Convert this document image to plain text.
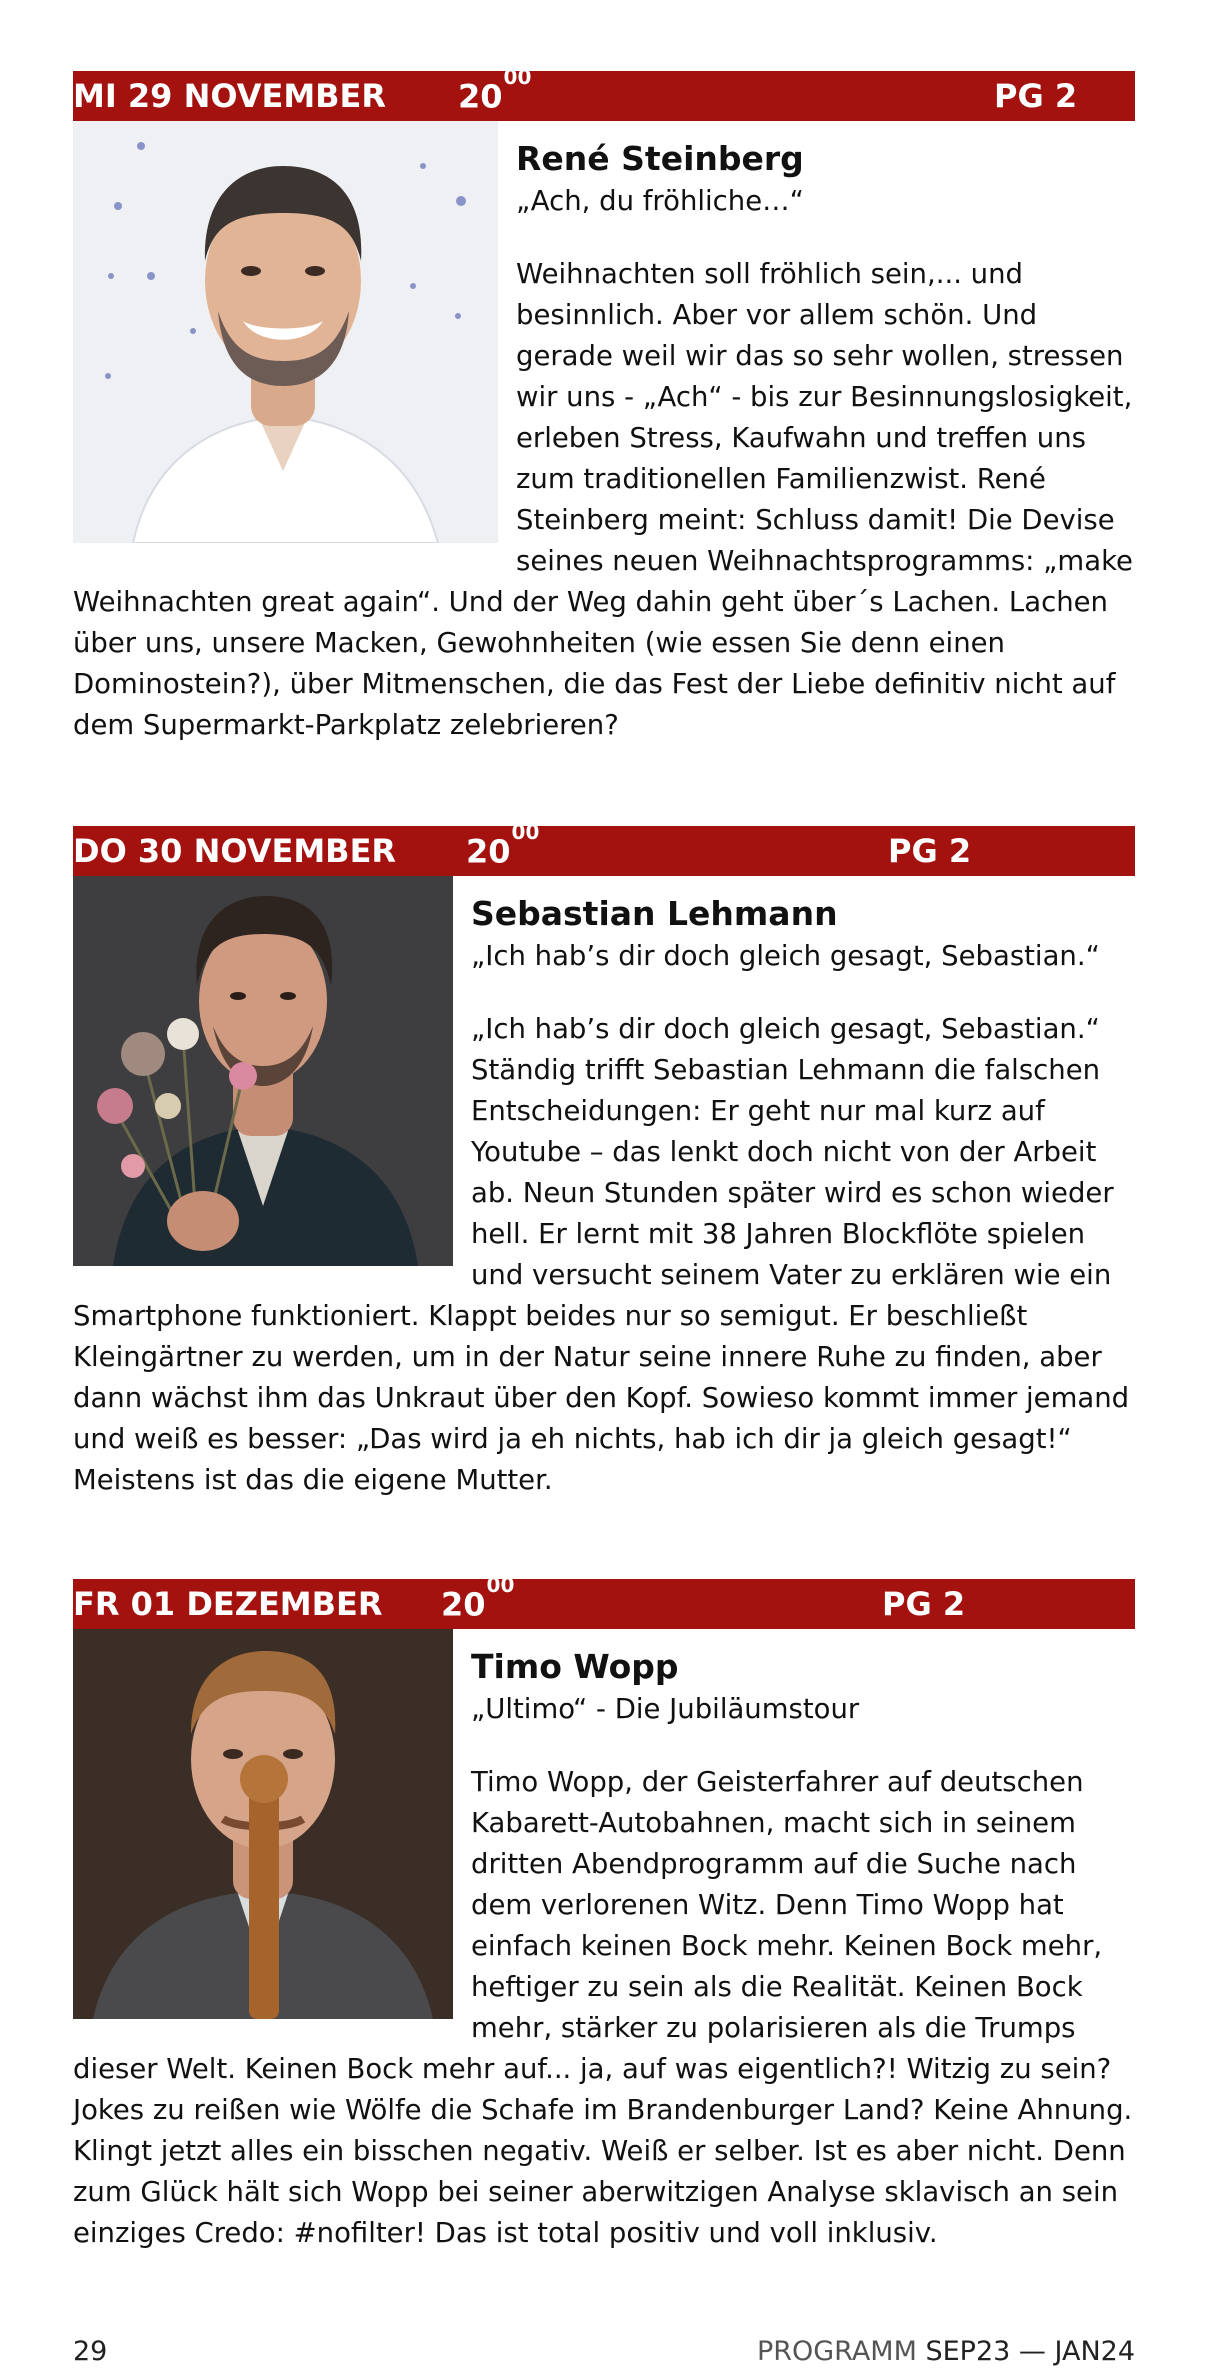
MI 29 NOVEMBER $20^{00}$	PG 2

René Steinberg
„Ach, du fröhliche…“
Weihnachten soll fröhlich sein,... und besinnlich. Aber vor allem schön. Und gerade weil wir das so sehr wollen, stressen wir uns - „Ach“ - bis zur Besinnungslosigkeit, erleben Stress, Kaufwahn und treffen uns zum traditionellen Familienzwist. René Steinberg meint: Schluss damit! Die Devise seines neuen Weihnachtsprogramms: „make Weihnachten great again“. Und der Weg dahin geht über´s Lachen. Lachen über uns, unsere Macken, Gewohnheiten (wie essen Sie denn einen Dominostein?), über Mitmenschen, die das Fest der Liebe definitiv nicht auf dem Supermarkt-Parkplatz zelebrieren?

DO 30 NOVEMBER $20^{00}$	PG 2

Sebastian Lehmann
„Ich hab’s dir doch gleich gesagt, Sebastian.“
„Ich hab’s dir doch gleich gesagt, Sebastian.“ Ständig trifft Sebastian Lehmann die falschen Entscheidungen: Er geht nur mal kurz auf Youtube – das lenkt doch nicht von der Arbeit ab. Neun Stunden später wird es schon wieder hell. Er lernt mit 38 Jahren Blockflöte spielen und versucht seinem Vater zu erklären wie ein Smartphone funktioniert. Klappt beides nur so semigut. Er beschließt Kleingärtner zu werden, um in der Natur seine innere Ruhe zu finden, aber dann wächst ihm das Unkraut über den Kopf. Sowieso kommt immer jemand und weiß es besser: „Das wird ja eh nichts, hab ich dir ja gleich gesagt!“ Meistens ist das die eigene Mutter.

FR 01 DEZEMBER $20^{00}$	PG 2

Timo Wopp
„Ultimo“ - Die Jubiläumstour
Timo Wopp, der Geisterfahrer auf deutschen Kabarett-Autobahnen, macht sich in seinem dritten Abendprogramm auf die Suche nach dem verlorenen Witz. Denn Timo Wopp hat einfach keinen Bock mehr. Keinen Bock mehr, heftiger zu sein als die Realität. Keinen Bock mehr, stärker zu polarisieren als die Trumps dieser Welt. Keinen Bock mehr auf... ja, auf was eigentlich?! Witzig zu sein? Jokes zu reißen wie Wölfe die Schafe im Brandenburger Land? Keine Ahnung. Klingt jetzt alles ein bisschen negativ. Weiß er selber. Ist es aber nicht. Denn zum Glück hält sich Wopp bei seiner aberwitzigen Analyse sklavisch an sein einziges Credo: #nofilter! Das ist total positiv und voll inklusiv.

29	PROGRAMM SEP23 — JAN24
